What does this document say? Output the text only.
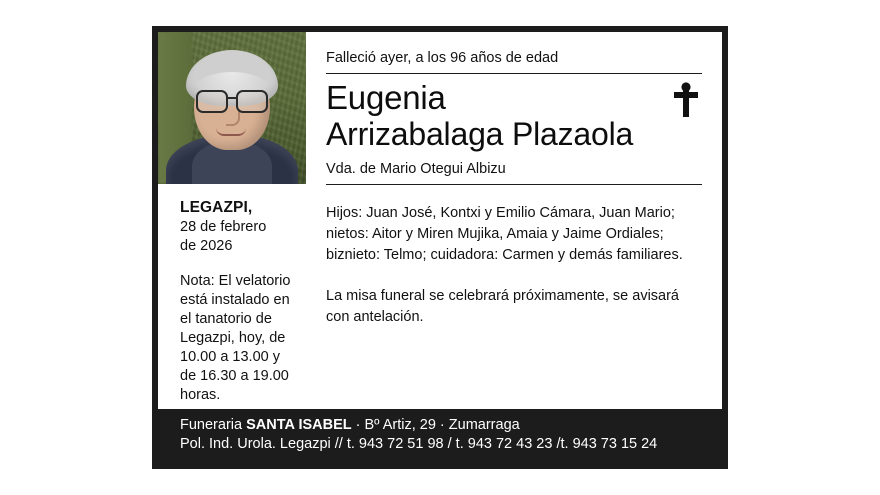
LEGAZPI,
28 de febrero
de 2026
Nota: El velatorio está instalado en el tanatorio de Legazpi, hoy, de 10.00 a 13.00 y de 16.30 a 19.00 horas.
Falleció ayer, a los 96 años de edad
Eugenia
Arrizabalaga Plazaola
Vda. de Mario Otegui Albizu
Hijos: Juan José, Kontxi y Emilio Cámara, Juan Mario; nietos: Aitor y Miren Mujika, Amaia y Jaime Ordiales; biznieto: Telmo; cuidadora: Carmen y demás familiares.
La misa funeral se celebrará próximamente, se avisará con antelación.
Funeraria SANTA ISABEL · Bº Artiz, 29 · Zumarraga
Pol. Ind. Urola. Legazpi // t. 943 72 51 98 / t. 943 72 43 23 /t. 943 73 15 24
